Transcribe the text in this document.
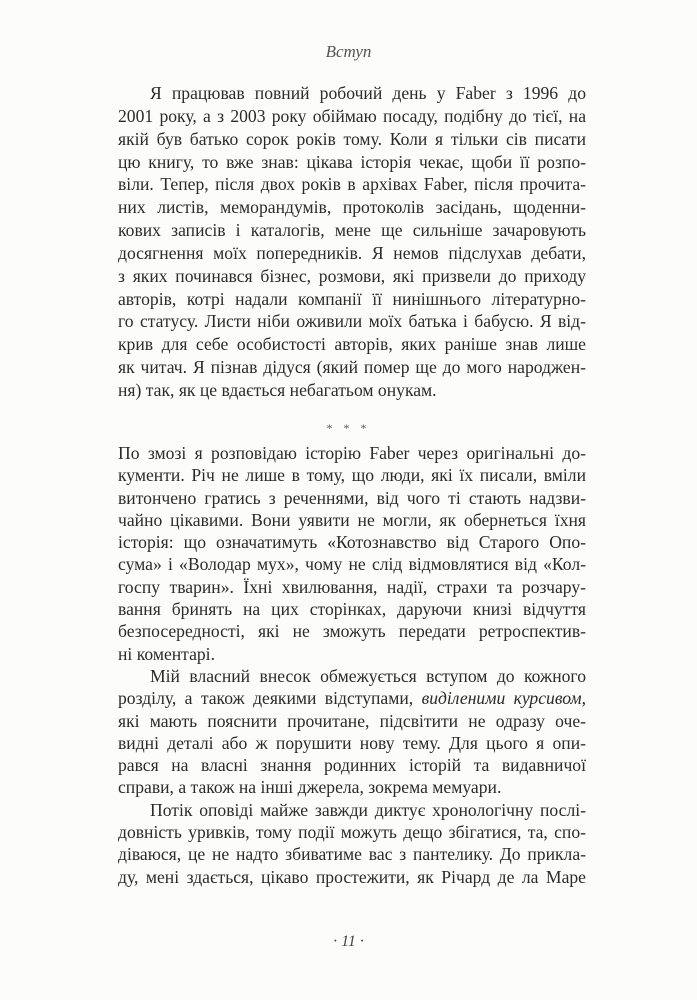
Вступ
Я працював повний робочий день у Faber з 1996 до
2001 року, а з 2003 року обіймаю посаду, подібну до тієї, на
якій був батько сорок років тому. Коли я тільки сів писати
цю книгу, то вже знав: цікава історія чекає, щоби її розпо-
віли. Тепер, після двох років в архівах Faber, після прочита-
них листів, меморандумів, протоколів засідань, щоденни-
кових записів і каталогів, мене ще сильніше зачаровують
досягнення моїх попередників. Я немов підслухав дебати,
з яких починався бізнес, розмови, які призвели до приходу
авторів, котрі надали компанії її нинішнього літературно-
го статусу. Листи ніби оживили моїх батька і бабусю. Я від-
крив для себе особистості авторів, яких раніше знав лише
як читач. Я пізнав дідуся (який помер ще до мого народжен-
ня) так, як це вдається небагатьом онукам.
* * *
По змозі я розповідаю історію Faber через оригінальні до-
кументи. Річ не лише в тому, що люди, які їх писали, вміли
витончено гратись з реченнями, від чого ті стають надзви-
чайно цікавими. Вони уявити не могли, як обернеться їхня
історія: що означатимуть «Котознавство від Старого Опо-
сума» і «Володар мух», чому не слід відмовлятися від «Кол-
госпу тварин». Їхні хвилювання, надії, страхи та розчару-
вання бринять на цих сторінках, даруючи книзі відчуття
безпосередності, які не зможуть передати ретроспектив-
ні коментарі.
Мій власний внесок обмежується вступом до кожного
розділу, а також деякими відступами, виділеними курсивом,
які мають пояснити прочитане, підсвітити не одразу оче-
видні деталі або ж порушити нову тему. Для цього я опи-
рався на власні знання родинних історій та видавничої
справи, а також на інші джерела, зокрема мемуари.
Потік оповіді майже завжди диктує хронологічну послі-
довність уривків, тому події можуть дещо збігатися, та, спо-
діваюся, це не надто збиватиме вас з пантелику. До прикла-
ду, мені здається, цікаво простежити, як Річард де ла Маре
· 11 ·
